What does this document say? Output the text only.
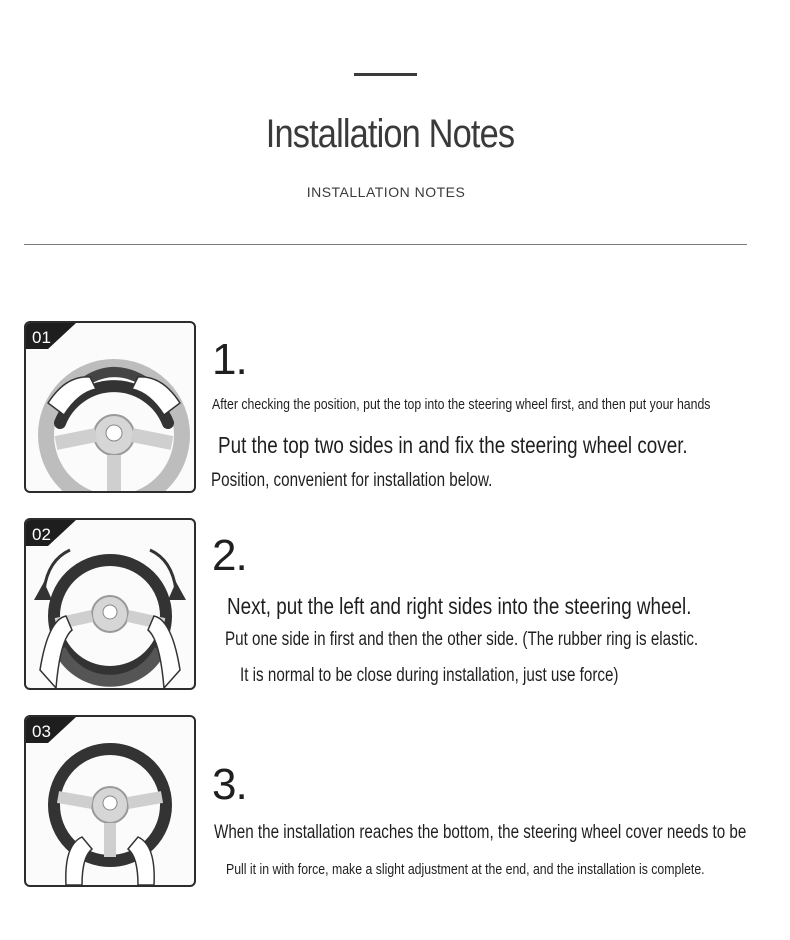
Installation Notes
INSTALLATION NOTES
01	1.
After checking the position, put the top into the steering wheel first, and then put your hands
Put the top two sides in and fix the steering wheel cover.
Position, convenient for installation below.
02	2.
Next, put the left and right sides into the steering wheel.
Put one side in first and then the other side. (The rubber ring is elastic.
It is normal to be close during installation, just use force)
03
3.
When the installation reaches the bottom, the steering wheel cover needs to be
Pull it in with force, make a slight adjustment at the end, and the installation is complete.
